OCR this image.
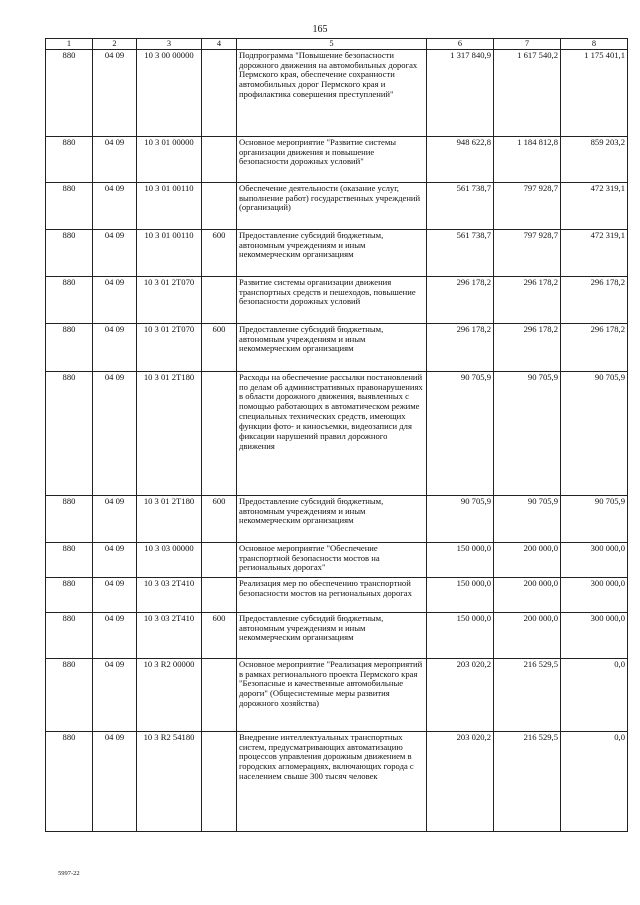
165
1	2	3	4	5	6	7	8
880	04 09	10 3 00 00000		Подпрограмма "Повышение безопасности дорожного движения на автомобильных дорогах Пермского края, обеспечение сохранности автомобильных дорог Пермского края и профилактика совершения преступлений"	1 317 840,9	1 617 540,2	1 175 401,1
880	04 09	10 3 01 00000		Основное мероприятие "Развитие системы организации движения и повышение безопасности дорожных условий"	948 622,8	1 184 812,8	859 203,2
880	04 09	10 3 01 00110		Обеспечение деятельности (оказание услуг, выполнение работ) государственных учреждений (организаций)	561 738,7	797 928,7	472 319,1
880	04 09	10 3 01 00110	600	Предоставление субсидий бюджетным, автономным учреждениям и иным некоммерческим организациям	561 738,7	797 928,7	472 319,1
880	04 09	10 3 01 2Т070		Развитие системы организации движения транспортных средств и пешеходов, повышение безопасности дорожных условий	296 178,2	296 178,2	296 178,2
880	04 09	10 3 01 2Т070	600	Предоставление субсидий бюджетным, автономным учреждениям и иным некоммерческим организациям	296 178,2	296 178,2	296 178,2
880	04 09	10 3 01 2Т180		Расходы на обеспечение рассылки постановлений по делам об административных правонарушениях в области дорожного движения, выявленных с помощью работающих в автоматическом режиме специальных технических средств, имеющих функции фото- и киносъемки, видеозаписи для фиксации нарушений правил дорожного движения	90 705,9	90 705,9	90 705,9
880	04 09	10 3 01 2Т180	600	Предоставление субсидий бюджетным, автономным учреждениям и иным некоммерческим организациям	90 705,9	90 705,9	90 705,9
880	04 09	10 3 03 00000		Основное мероприятие "Обеспечение транспортной безопасности мостов на региональных дорогах"	150 000,0	200 000,0	300 000,0
880	04 09	10 3 03 2Т410		Реализация мер по обеспечению транспортной безопасности мостов на региональных дорогах	150 000,0	200 000,0	300 000,0
880	04 09	10 3 03 2Т410	600	Предоставление субсидий бюджетным, автономным учреждениям и иным некоммерческим организациям	150 000,0	200 000,0	300 000,0
880	04 09	10 3 R2 00000		Основное мероприятие "Реализация мероприятий в рамках регионального проекта Пермского края "Безопасные и качественные автомобильные дороги" (Общесистемные меры развития дорожного хозяйства)	203 020,2	216 529,5	0,0
880	04 09	10 3 R2 54180		Внедрение интеллектуальных транспортных систем, предусматривающих автоматизацию процессов управления дорожным движением в городских агломерациях, включающих города с населением свыше 300 тысяч человек	203 020,2	216 529,5	0,0
5997-22
